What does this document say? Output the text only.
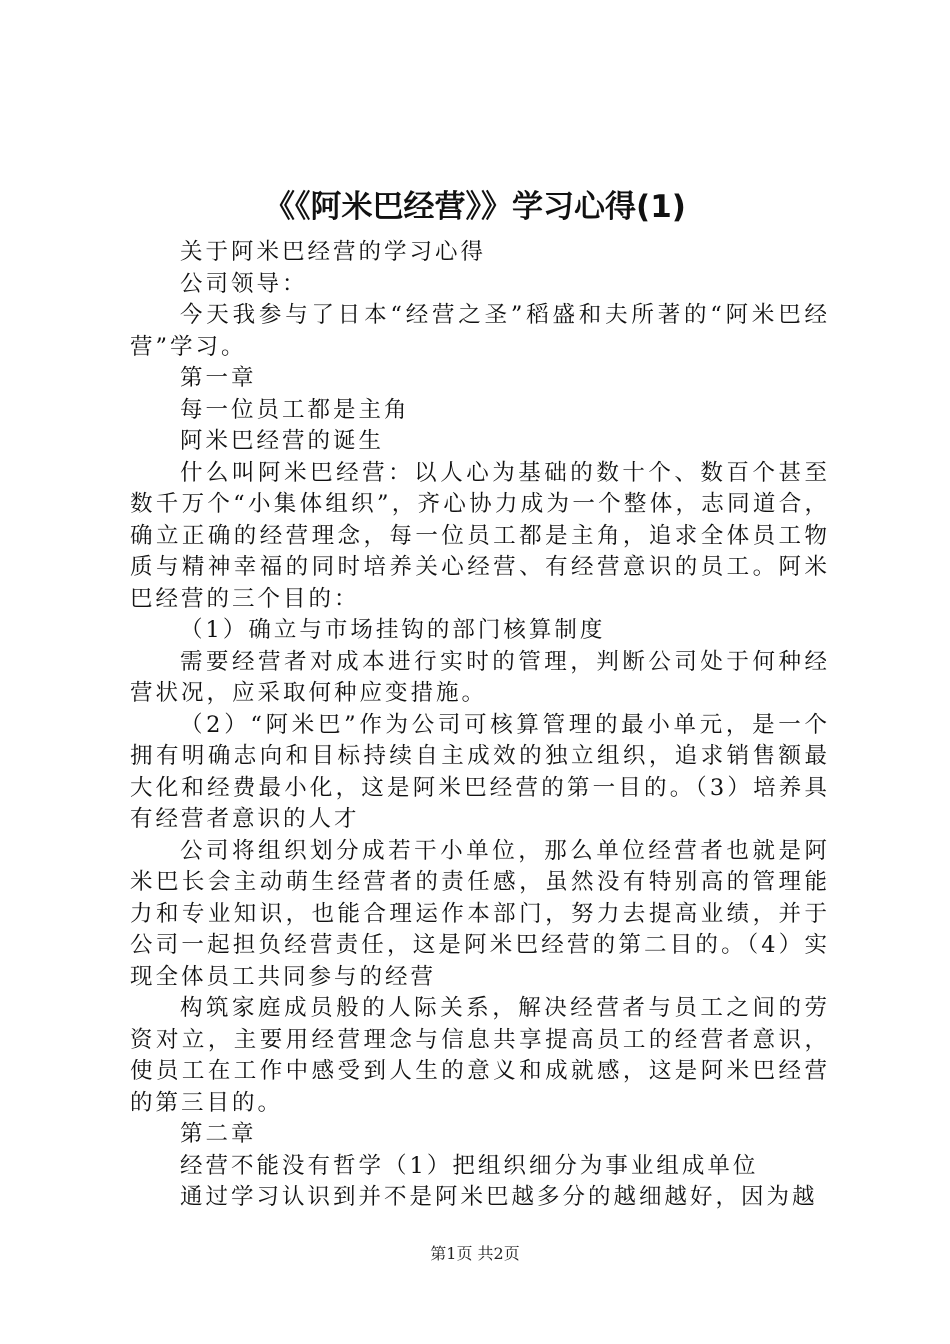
《《阿米巴经营》》学习心得(1)

关于阿米巴经营的学习心得

公司领导：

今天我参与了日本“经营之圣”稻盛和夫所著的“阿米巴经营”学习。

第一章

每一位员工都是主角

阿米巴经营的诞生

什么叫阿米巴经营：以人心为基础的数十个、数百个甚至数千万个“小集体组织”，齐心协力成为一个整体，志同道合，确立正确的经营理念，每一位员工都是主角，追求全体员工物质与精神幸福的同时培养关心经营、有经营意识的员工。阿米巴经营的三个目的：

（1）确立与市场挂钩的部门核算制度

需要经营者对成本进行实时的管理，判断公司处于何种经营状况，应采取何种应变措施。

（2）“阿米巴”作为公司可核算管理的最小单元，是一个拥有明确志向和目标持续自主成效的独立组织，追求销售额最大化和经费最小化，这是阿米巴经营的第一目的。（3）培养具有经营者意识的人才

公司将组织划分成若干小单位，那么单位经营者也就是阿米巴长会主动萌生经营者的责任感，虽然没有特别高的管理能力和专业知识，也能合理运作本部门，努力去提高业绩，并于公司一起担负经营责任，这是阿米巴经营的第二目的。（4）实现全体员工共同参与的经营

构筑家庭成员般的人际关系，解决经营者与员工之间的劳资对立，主要用经营理念与信息共享提高员工的经营者意识，使员工在工作中感受到人生的意义和成就感，这是阿米巴经营的第三目的。

第二章

经营不能没有哲学（1）把组织细分为事业组成单位

通过学习认识到并不是阿米巴越多分的越细越好，因为越

第1页 共2页
